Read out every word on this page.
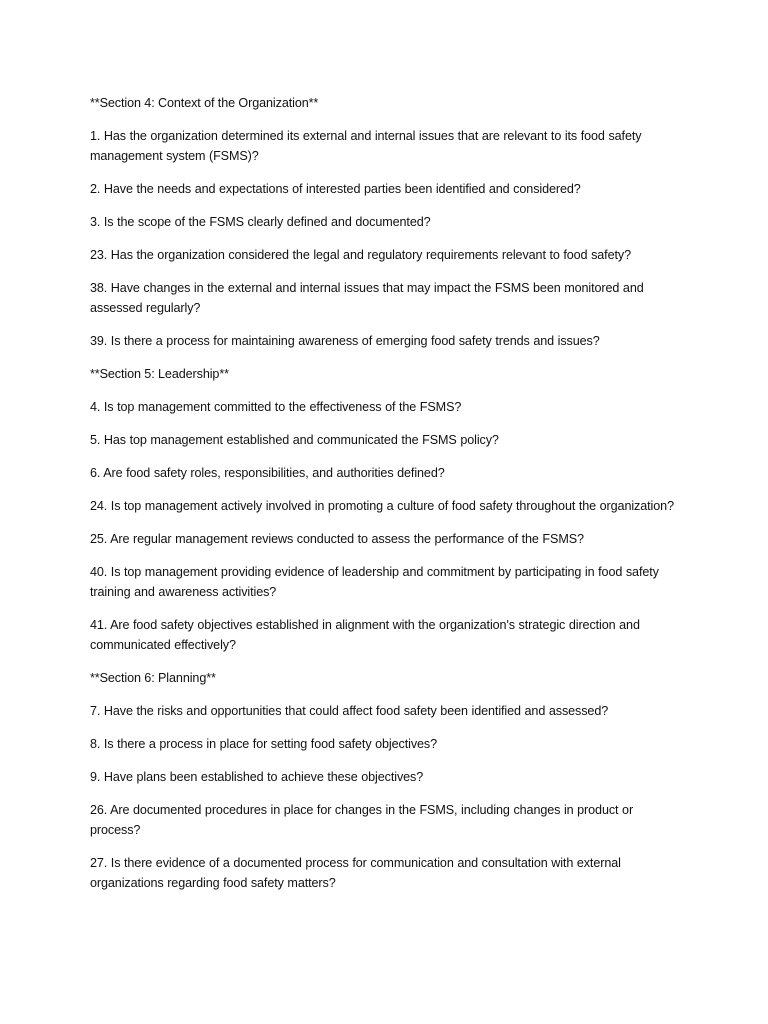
**Section 4: Context of the Organization**

1. Has the organization determined its external and internal issues that are relevant to its food safety management system (FSMS)?

2. Have the needs and expectations of interested parties been identified and considered?

3. Is the scope of the FSMS clearly defined and documented?

23. Has the organization considered the legal and regulatory requirements relevant to food safety?

38. Have changes in the external and internal issues that may impact the FSMS been monitored and assessed regularly?

39. Is there a process for maintaining awareness of emerging food safety trends and issues?

**Section 5: Leadership**

4. Is top management committed to the effectiveness of the FSMS?

5. Has top management established and communicated the FSMS policy?

6. Are food safety roles, responsibilities, and authorities defined?

24. Is top management actively involved in promoting a culture of food safety throughout the organization?

25. Are regular management reviews conducted to assess the performance of the FSMS?

40. Is top management providing evidence of leadership and commitment by participating in food safety training and awareness activities?

41. Are food safety objectives established in alignment with the organization's strategic direction and communicated effectively?

**Section 6: Planning**

7. Have the risks and opportunities that could affect food safety been identified and assessed?

8. Is there a process in place for setting food safety objectives?

9. Have plans been established to achieve these objectives?

26. Are documented procedures in place for changes in the FSMS, including changes in product or process?

27. Is there evidence of a documented process for communication and consultation with external organizations regarding food safety matters?
